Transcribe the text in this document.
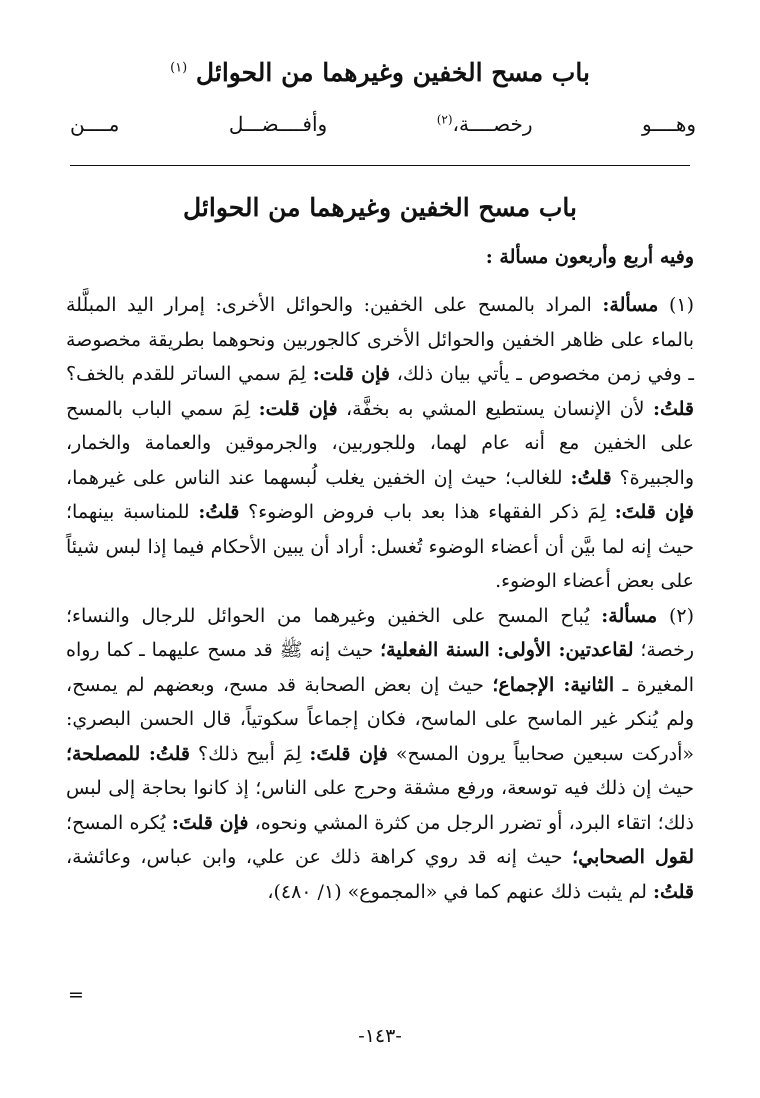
باب مسح الخفين وغيرهما من الحوائل $^{(١)}$
وهــــو رخصــــة،$^{(٢)}$ وأفــــضـــل مــــن
باب مسح الخفين وغيرهما من الحوائل
وفيه أربع وأربعون مسألة :

(١) مسألة: المراد بالمسح على الخفين: والحوائل الأخرى: إمرار اليد المبلَّلة بالماء على ظاهر الخفين والحوائل الأخرى كالجوربين ونحوهما بطريقة مخصوصة ـ وفي زمن مخصوص ـ يأتي بيان ذلك، فإن قلت: لِمَ سمي الساتر للقدم بالخف؟ قلتُ: لأن الإنسان يستطيع المشي به بخفَّة، فإن قلت: لِمَ سمي الباب بالمسح على الخفين مع أنه عام لهما، وللجوربين، والجرموقين والعمامة والخمار، والجبيرة؟ قلتُ: للغالب؛ حيث إن الخفين يغلب لُبسهما عند الناس على غيرهما، فإن قلتَ: لِمَ ذكر الفقهاء هذا بعد باب فروض الوضوء؟ قلتُ: للمناسبة بينهما؛ حيث إنه لما بيَّن أن أعضاء الوضوء تُغسل: أراد أن يبين الأحكام فيما إذا لبس شيئاً على بعض أعضاء الوضوء.

(٢) مسألة: يُباح المسح على الخفين وغيرهما من الحوائل للرجال والنساء؛ رخصة؛ لقاعدتين: الأولى: السنة الفعلية؛ حيث إنه ﷺ قد مسح عليهما ـ كما رواه المغيرة ـ الثانية: الإجماع؛ حيث إن بعض الصحابة قد مسح، وبعضهم لم يمسح، ولم يُنكر غير الماسح على الماسح، فكان إجماعاً سكوتياً، قال الحسن البصري: «أدركت سبعين صحابياً يرون المسح» فإن قلتَ: لِمَ أبيح ذلك؟ قلتُ: للمصلحة؛ حيث إن ذلك فيه توسعة، ورفع مشقة وحرج على الناس؛ إذ كانوا بحاجة إلى لبس ذلك؛ اتقاء البرد، أو تضرر الرجل من كثرة المشي ونحوه، فإن قلتَ: يُكره المسح؛ لقول الصحابي؛ حيث إنه قد روي كراهة ذلك عن علي، وابن عباس، وعائشة، قلتُ: لم يثبت ذلك عنهم كما في «المجموع» (١/ ٤٨٠)،

=
-١٤٣-
